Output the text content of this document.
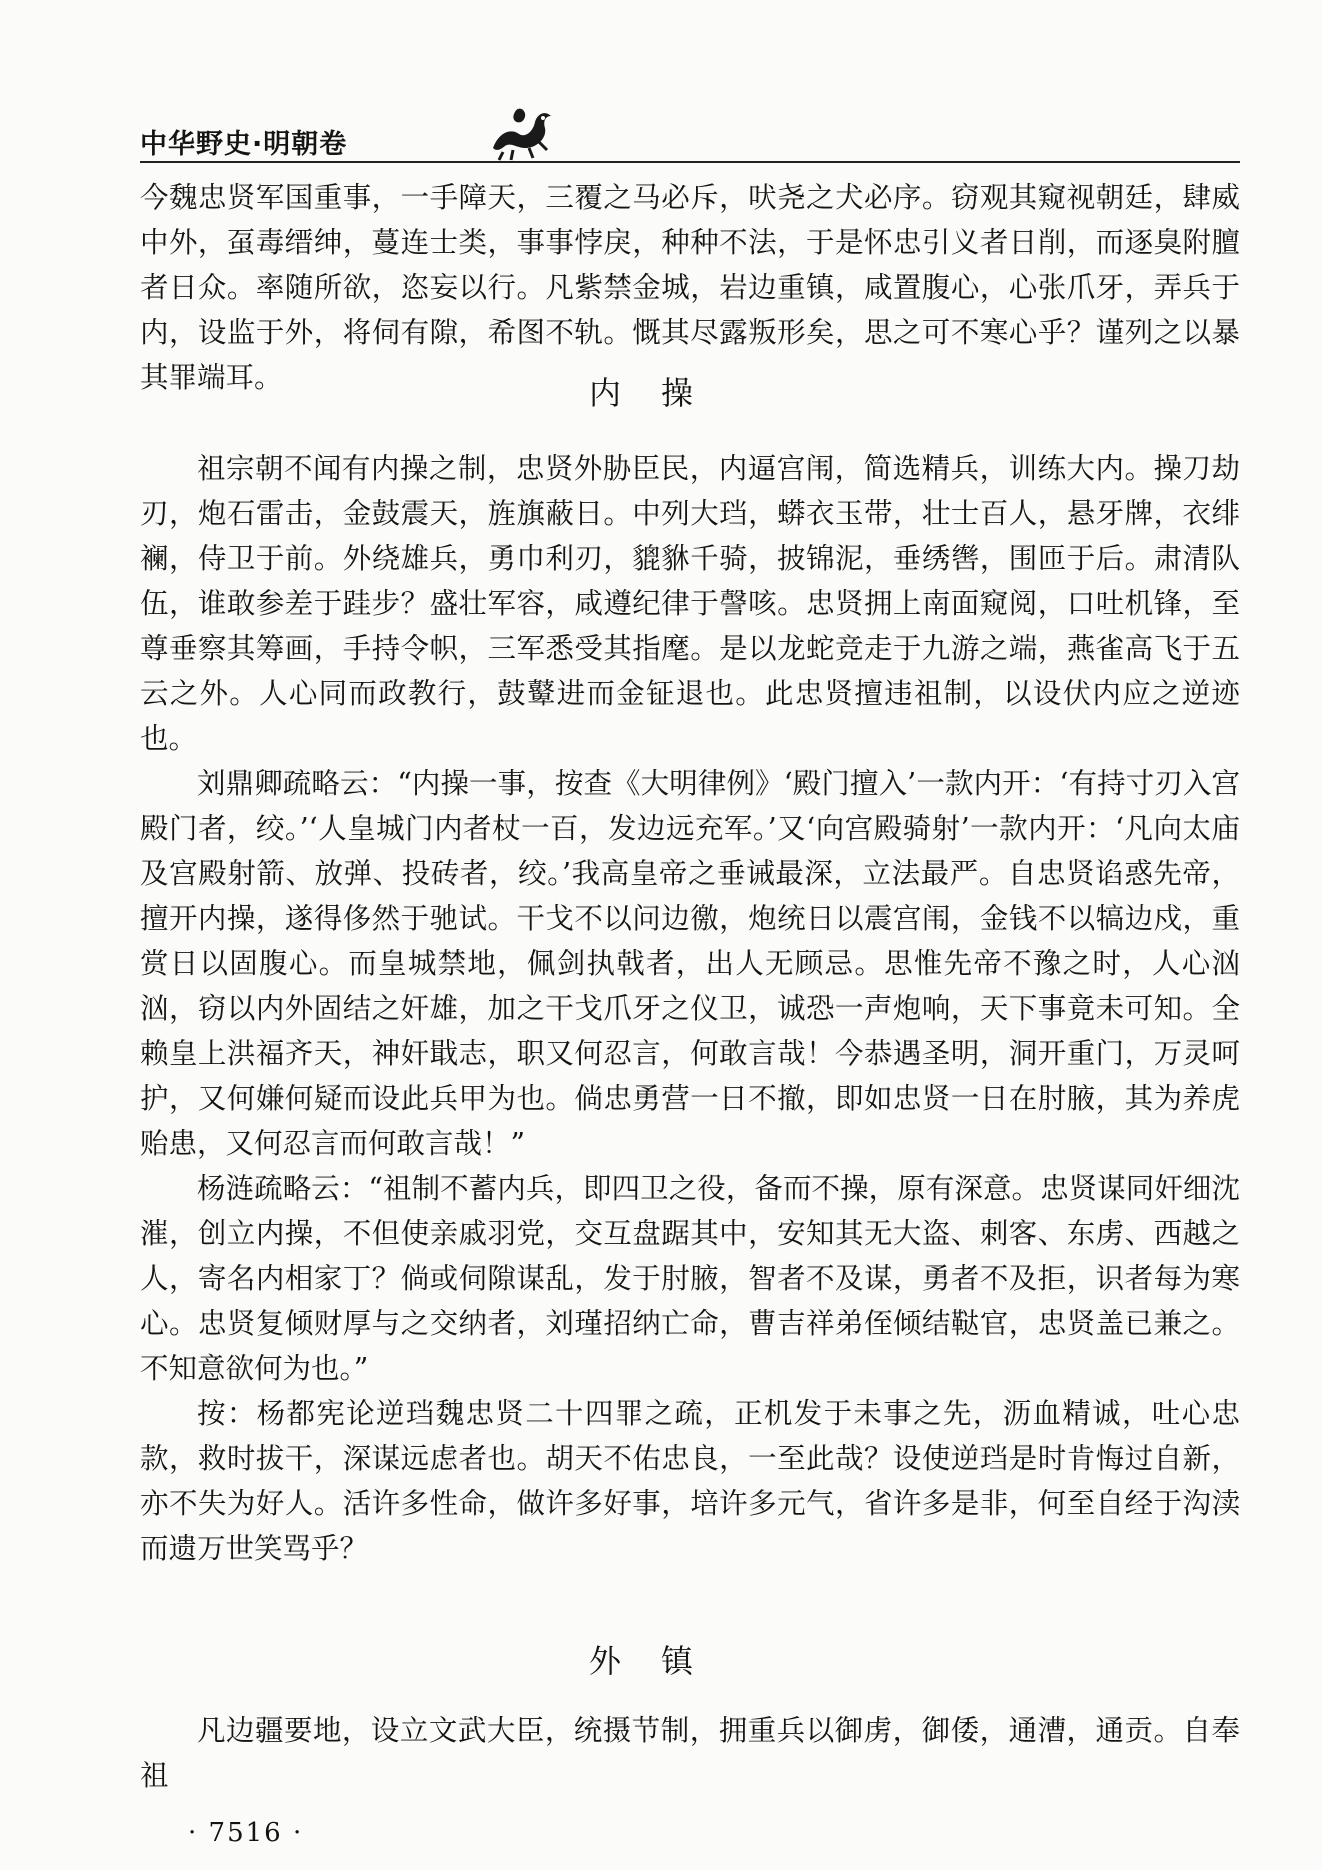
中华野史·明朝卷

今魏忠贤军国重事，一手障天，三覆之马必斥，吠尧之犬必序。窃观其窥视朝廷，肆威中外，虿毒缙绅，蔓连士类，事事悖戾，种种不法，于是怀忠引义者日削，而逐臭附膻者日众。率随所欲，恣妄以行。凡紫禁金城，岩边重镇，咸置腹心，心张爪牙，弄兵于内，设监于外，将伺有隙，希图不轨。慨其尽露叛形矣，思之可不寒心乎？谨列之以暴其罪端耳。	内操

祖宗朝不闻有内操之制，忠贤外胁臣民，内逼宫闱，简选精兵，训练大内。操刀劫刃，炮石雷击，金鼓震天，旌旗蔽日。中列大珰，蟒衣玉带，壮士百人，悬牙牌，衣绯襕，侍卫于前。外绕雄兵，勇巾利刃，貔貅千骑，披锦泥，垂绣辔，围匝于后。肃清队伍，谁敢参差于跬步？盛壮军容，咸遵纪律于謦咳。忠贤拥上南面窥阅，口吐机锋，至尊垂察其筹画，手持令帜，三军悉受其指麾。是以龙蛇竞走于九游之端，燕雀高飞于五云之外。人心同而政教行，鼓鼙进而金钲退也。此忠贤擅违祖制，以设伏内应之逆迹也。

刘鼎卿疏略云：“内操一事，按查《大明律例》‘殿门擅入’一款内开：‘有持寸刃入宫殿门者，绞。’‘人皇城门内者杖一百，发边远充军。’又‘向宫殿骑射’一款内开：‘凡向太庙及宫殿射箭、放弹、投砖者，绞。’我高皇帝之垂诫最深，立法最严。自忠贤谄惑先帝，擅开内操，遂得侈然于驰试。干戈不以问边徼，炮统日以震宫闱，金钱不以犒边戍，重赏日以固腹心。而皇城禁地，佩剑执戟者，出人无顾忌。思惟先帝不豫之时，人心汹汹，窃以内外固结之奸雄，加之干戈爪牙之仪卫，诚恐一声炮响，天下事竟未可知。全赖皇上洪福齐天，神奸戢志，职又何忍言，何敢言哉！今恭遇圣明，洞开重门，万灵呵护，又何嫌何疑而设此兵甲为也。倘忠勇营一日不撤，即如忠贤一日在肘腋，其为养虎贻患，又何忍言而何敢言哉！”

杨涟疏略云：“祖制不蓄内兵，即四卫之役，备而不操，原有深意。忠贤谋同奸细沈漼，创立内操，不但使亲戚羽党，交互盘踞其中，安知其无大盗、刺客、东虏、西越之人，寄名内相家丁？倘或伺隙谋乱，发于肘腋，智者不及谋，勇者不及拒，识者每为寒心。忠贤复倾财厚与之交纳者，刘瑾招纳亡命，曹吉祥弟侄倾结鞑官，忠贤盖已兼之。不知意欲何为也。”

按：杨都宪论逆珰魏忠贤二十四罪之疏，正机发于未事之先，沥血精诚，吐心忠款，救时拔干，深谋远虑者也。胡天不佑忠良，一至此哉？设使逆珰是时肯悔过自新，亦不失为好人。活许多性命，做许多好事，培许多元气，省许多是非，何至自经于沟渎而遗万世笑骂乎？

外镇

凡边疆要地，设立文武大臣，统摄节制，拥重兵以御虏，御倭，通漕，通贡。自奉祖

· 7516 ·
